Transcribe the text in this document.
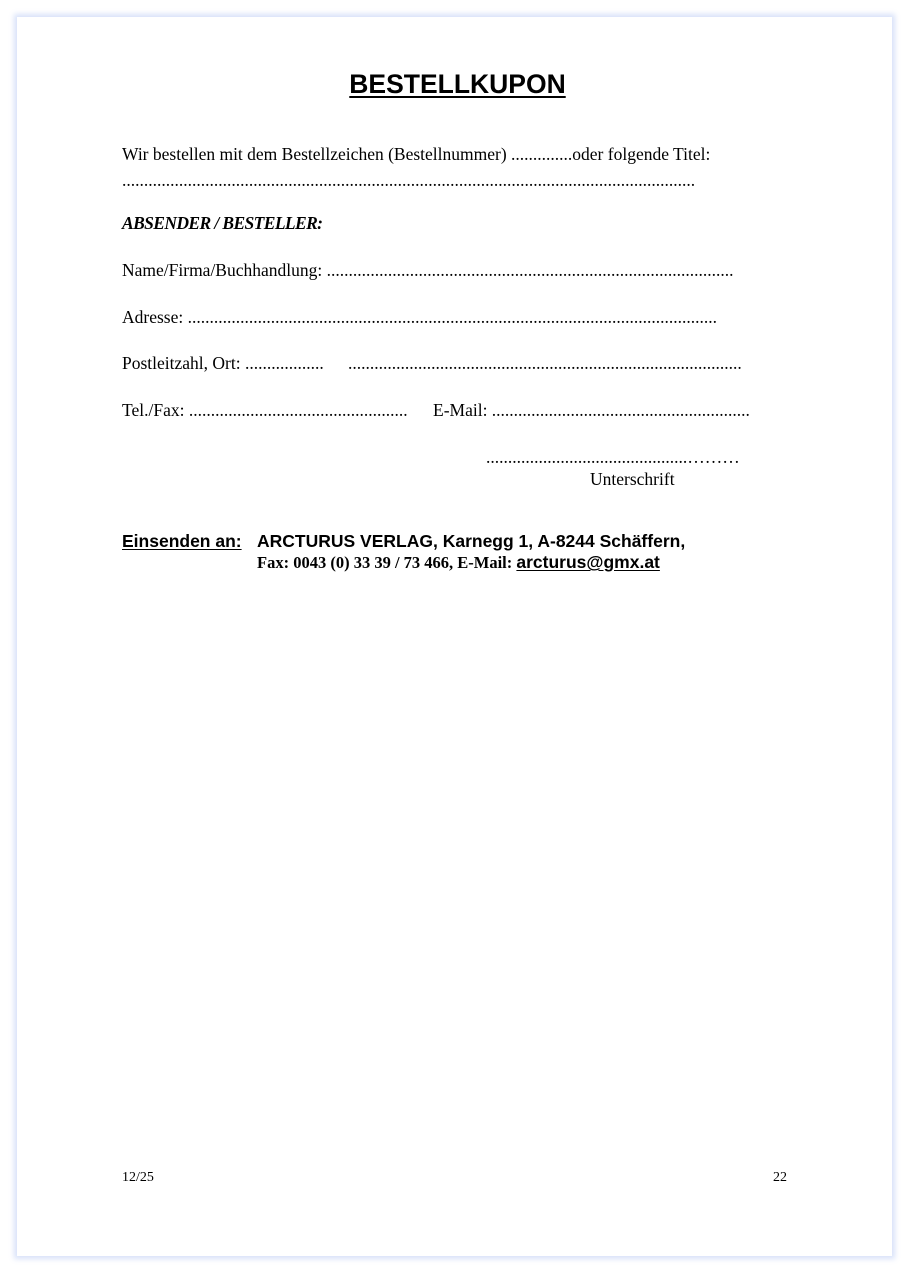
BESTELLKUPON
Wir bestellen mit dem Bestellzeichen (Bestellnummer) ..............oder folgende Titel:
...................................................................................................................................
ABSENDER / BESTELLER:
Name/Firma/Buchhandlung: .............................................................................................
Adresse: .........................................................................................................................
Postleitzahl, Ort: .................. ..........................................................................................
Tel./Fax: .................................................. E-Mail: ...........................................................
..............................................………
Unterschrift
Einsenden an: ARCTURUS VERLAG, Karnegg 1, A-8244 Schäffern,
Fax: 0043 (0) 33 39 / 73 466, E-Mail: arcturus@gmx.at
12/25	22
